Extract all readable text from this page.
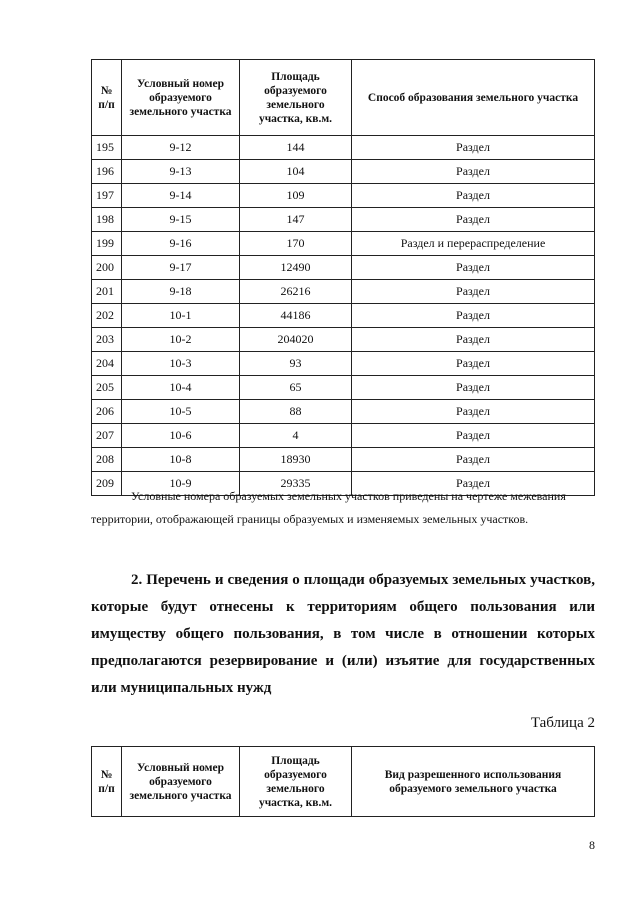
№ п/п	Условный номер образуемого земельного участка	Площадь образуемого земельного участка, кв.м.	Способ образования земельного участка
195	9-12	144	Раздел
196	9-13	104	Раздел
197	9-14	109	Раздел
198	9-15	147	Раздел
199	9-16	170	Раздел и перераспределение
200	9-17	12490	Раздел
201	9-18	26216	Раздел
202	10-1	44186	Раздел
203	10-2	204020	Раздел
204	10-3	93	Раздел
205	10-4	65	Раздел
206	10-5	88	Раздел
207	10-6	4	Раздел
208	10-8	18930	Раздел
209	10-9	29335	Раздел

Условные номера образуемых земельных участков приведены на чертеже межевания территории, отображающей границы образуемых и изменяемых земельных участков.

2. Перечень и сведения о площади образуемых земельных участков, которые будут отнесены к территориям общего пользования или имуществу общего пользования, в том числе в отношении которых предполагаются резервирование и (или) изъятие для государственных или муниципальных нужд

Таблица 2

№ п/п	Условный номер образуемого земельного участка	Площадь образуемого земельного участка, кв.м.	Вид разрешенного использования образуемого земельного участка

8
